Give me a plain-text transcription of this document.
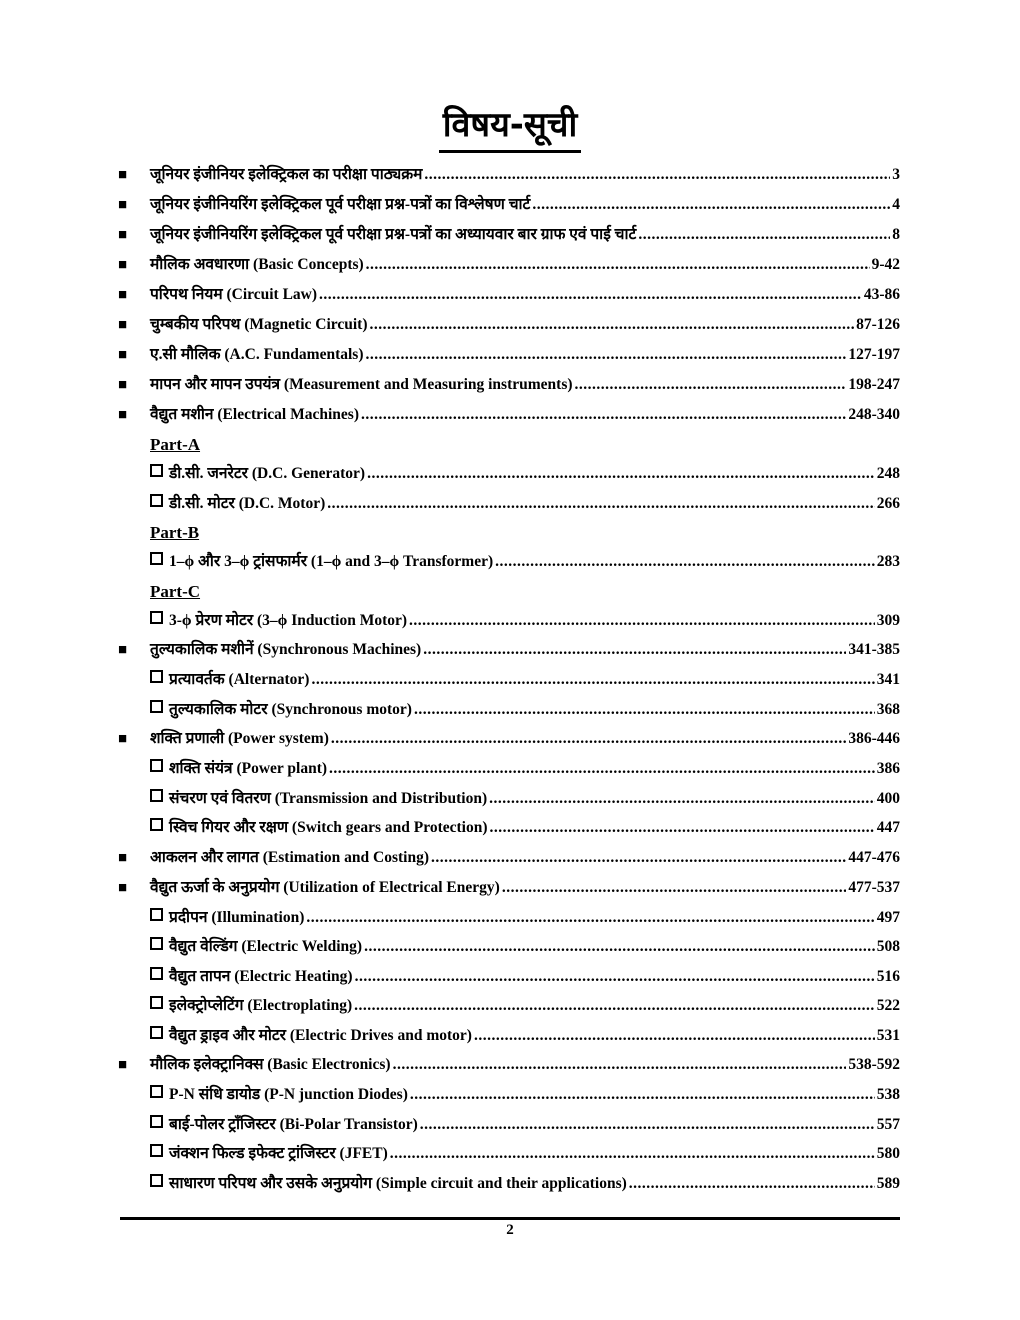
विषय-सूची
■	जूनियर इंजीनियर इलेक्ट्रिकल का परीक्षा पाठ्यक्रम .....	3
■	जूनियर इंजीनियरिंग इलेक्ट्रिकल पूर्व परीक्षा प्रश्न-पत्रों का विश्लेषण चार्ट .....	4
■	जूनियर इंजीनियरिंग इलेक्ट्रिकल पूर्व परीक्षा प्रश्न-पत्रों का अध्यायवार बार ग्राफ एवं पाई चार्ट .....	8
■	मौलिक अवधारणा (Basic Concepts) .....	9-42
■	परिपथ नियम (Circuit Law) .....	43-86
■	चुम्बकीय परिपथ (Magnetic Circuit) .....	87-126
■	ए.सी मौलिक (A.C. Fundamentals) .....	127-197
■	मापन और मापन उपयंत्र (Measurement and Measuring instruments) .....	198-247
■	वैद्युत मशीन (Electrical Machines) .....	248-340
Part-A
डी.सी. जनरेटर (D.C. Generator) .....	248
डी.सी. मोटर (D.C. Motor) .....	266
Part-B
1–ϕ और 3–ϕ ट्रांसफार्मर (1–ϕ and 3–ϕ Transformer) .....	283
Part-C
3-ϕ प्रेरण मोटर (3–ϕ Induction Motor) .....	309
■	तुल्यकालिक मशीनें (Synchronous Machines) .....	341-385
प्रत्यावर्तक (Alternator) .....	341
तुल्यकालिक मोटर (Synchronous motor) .....	368
■	शक्ति प्रणाली (Power system) .....	386-446
शक्ति संयंत्र (Power plant) .....	386
संचरण एवं वितरण (Transmission and Distribution) .....	400
स्विच गियर और रक्षण (Switch gears and Protection) .....	447
■	आकलन और लागत (Estimation and Costing) .....	447-476
■	वैद्युत ऊर्जा के अनुप्रयोग (Utilization of Electrical Energy) .....	477-537
प्रदीपन (Illumination) .....	497
वैद्युत वेल्डिंग (Electric Welding) .....	508
वैद्युत तापन (Electric Heating) .....	516
इलेक्ट्रोप्लेटिंग (Electroplating) .....	522
वैद्युत ड्राइव और मोटर (Electric Drives and motor) .....	531
■	मौलिक इलेक्ट्रानिक्स (Basic Electronics) .....	538-592
P-N संधि डायोड (P-N junction Diodes) .....	538
बाई-पोलर ट्राँजिस्टर (Bi-Polar Transistor) .....	557
जंक्शन फिल्ड इफेक्ट ट्रांजिस्टर (JFET) .....	580
साधारण परिपथ और उसके अनुप्रयोग (Simple circuit and their applications) .....	589
2
